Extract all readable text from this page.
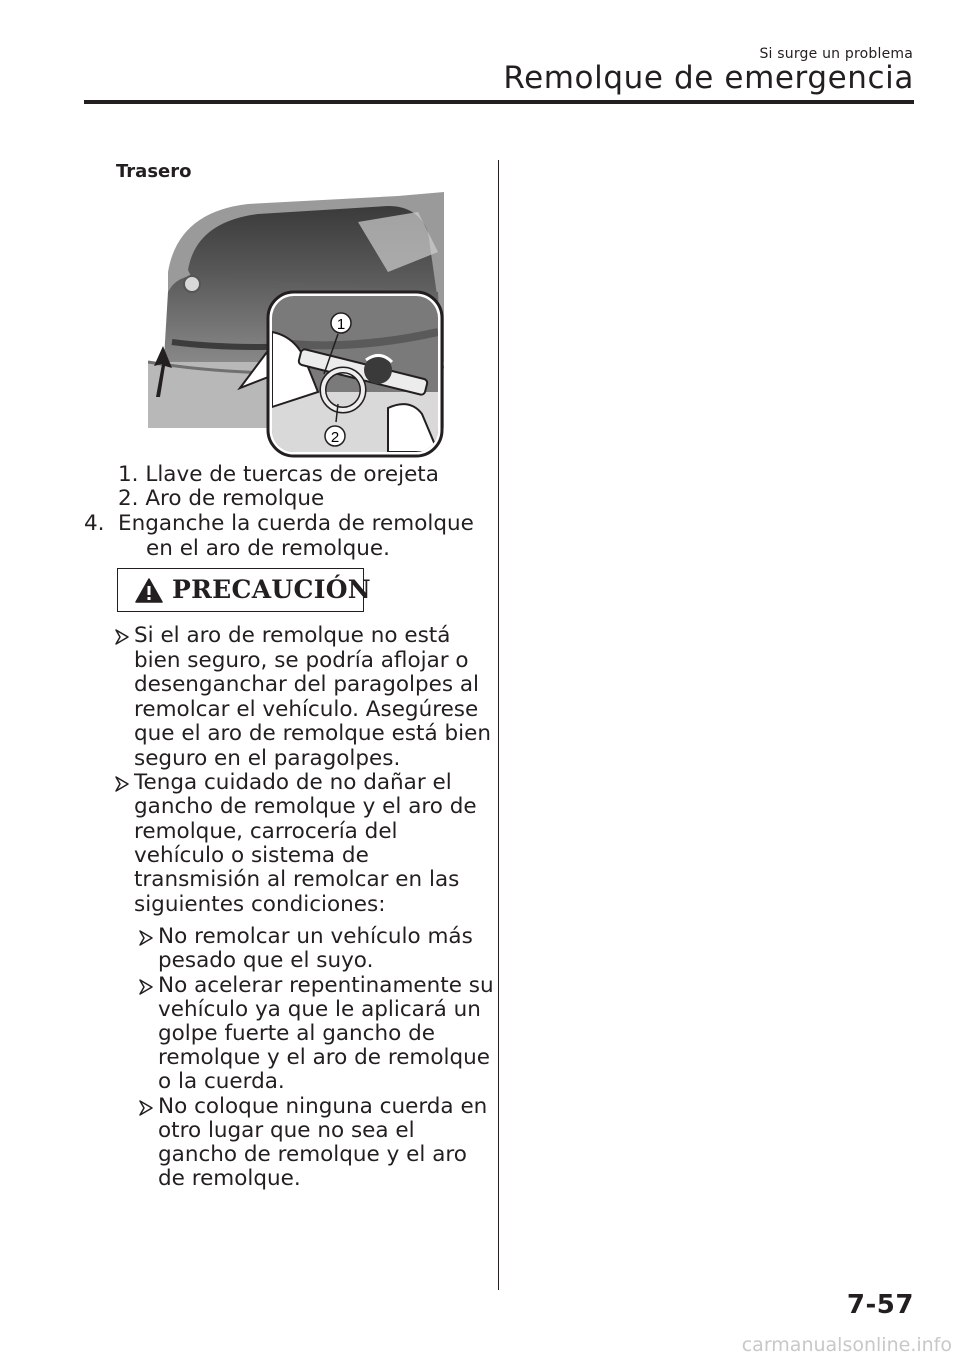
Si surge un problema
Remolque de emergencia
Trasero
1
2
1. Llave de tuercas de orejeta
2. Aro de remolque
4. Enganche la cuerda de remolque
en el aro de remolque.
PRECAUCIÓN
Si el aro de remolque no está
bien seguro, se podría aflojar o
desenganchar del paragolpes al
remolcar el vehículo. Asegúrese
que el aro de remolque está bien
seguro en el paragolpes.
Tenga cuidado de no dañar el
gancho de remolque y el aro de
remolque, carrocería del
vehículo o sistema de
transmisión al remolcar en las
siguientes condiciones:
No remolcar un vehículo más
pesado que el suyo.
No acelerar repentinamente su
vehículo ya que le aplicará un
golpe fuerte al gancho de
remolque y el aro de remolque
o la cuerda.
No coloque ninguna cuerda en
otro lugar que no sea el
gancho de remolque y el aro
de remolque.
7-57
carmanualsonline.info
